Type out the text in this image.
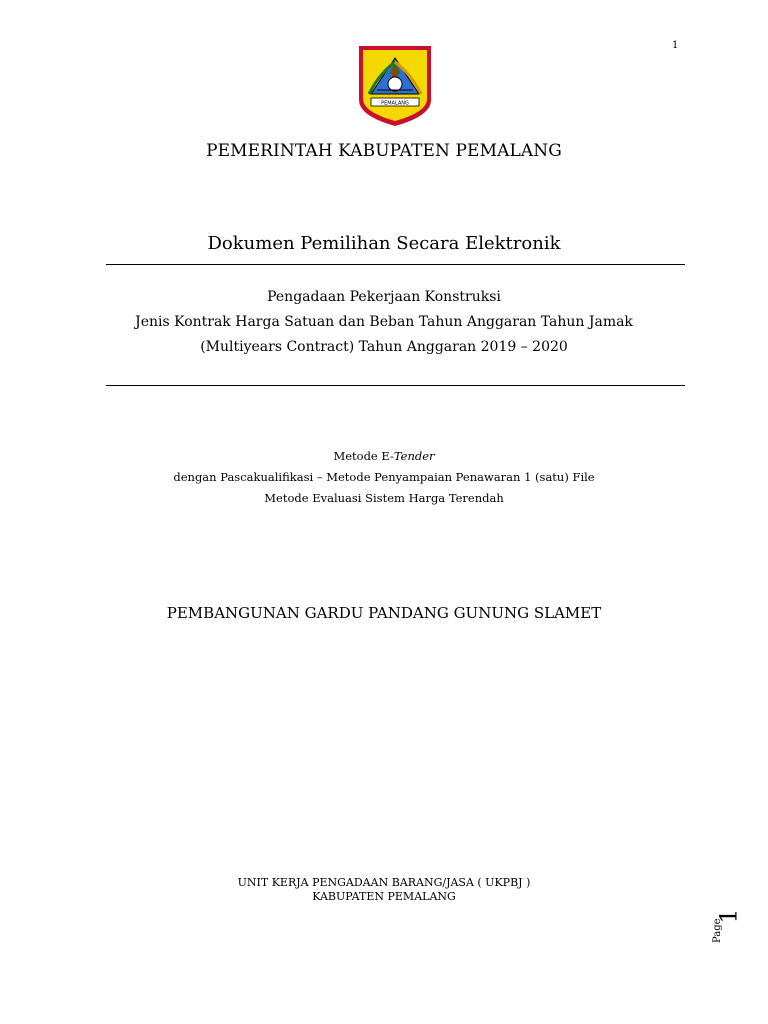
1
PEMALANG
PEMERINTAH KABUPATEN PEMALANG
Dokumen Pemilihan Secara Elektronik
Pengadaan Pekerjaan Konstruksi
Jenis Kontrak Harga Satuan dan Beban Tahun Anggaran Tahun Jamak
(Multiyears Contract) Tahun Anggaran 2019 – 2020
Metode E-Tender
dengan Pascakualifikasi – Metode Penyampaian Penawaran 1 (satu) File
Metode Evaluasi Sistem Harga Terendah
PEMBANGUNAN GARDU PANDANG GUNUNG SLAMET
UNIT KERJA PENGADAAN BARANG/JASA ( UKPBJ )
KABUPATEN PEMALANG
Page
1
